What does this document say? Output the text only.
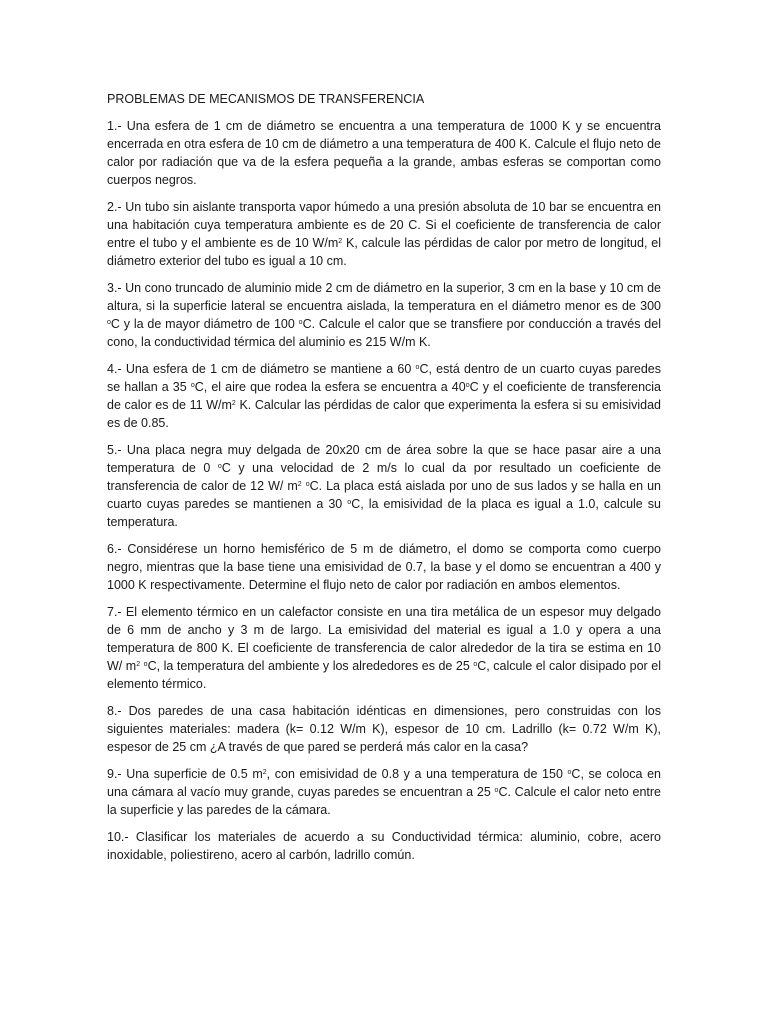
PROBLEMAS DE MECANISMOS DE TRANSFERENCIA

1.- Una esfera de 1 cm de diámetro se encuentra a una temperatura de 1000 K y se encuentra encerrada en otra esfera de 10 cm de diámetro a una temperatura de 400 K. Calcule el flujo neto de calor por radiación que va de la esfera pequeña a la grande, ambas esferas se comportan como cuerpos negros.

2.- Un tubo sin aislante transporta vapor húmedo a una presión absoluta de 10 bar se encuentra en una habitación cuya temperatura ambiente es de 20 C. Si el coeficiente de transferencia de calor entre el tubo y el ambiente es de 10 $W/m^2$ K, calcule las pérdidas de calor por metro de longitud, el diámetro exterior del tubo es igual a 10 cm.

3.- Un cono truncado de aluminio mide 2 cm de diámetro en la superior, 3 cm en la base y 10 cm de altura, si la superficie lateral se encuentra aislada, la temperatura en el diámetro menor es de 300 $^o$C y la de mayor diámetro de 100 $^o$C. Calcule el calor que se transfiere por conducción a través del cono, la conductividad térmica del aluminio es 215 W/m K.

4.- Una esfera de 1 cm de diámetro se mantiene a 60 $^o$C, está dentro de un cuarto cuyas paredes se hallan a 35 $^o$C, el aire que rodea la esfera se encuentra a 40$^o$C y el coeficiente de transferencia de calor es de 11 $W/m^2$ K. Calcular las pérdidas de calor que experimenta la esfera si su emisividad es de 0.85.

5.- Una placa negra muy delgada de 20x20 cm de área sobre la que se hace pasar aire a una temperatura de 0 $^o$C y una velocidad de 2 m/s lo cual da por resultado un coeficiente de transferencia de calor de 12 W/ $m^2$ $^o$C. La placa está aislada por uno de sus lados y se halla en un cuarto cuyas paredes se mantienen a 30 $^o$C, la emisividad de la placa es igual a 1.0, calcule su temperatura.

6.- Considérese un horno hemisférico de 5 m de diámetro, el domo se comporta como cuerpo negro, mientras que la base tiene una emisividad de 0.7, la base y el domo se encuentran a 400 y 1000 K respectivamente. Determine el flujo neto de calor por radiación en ambos elementos.

7.- El elemento térmico en un calefactor consiste en una tira metálica de un espesor muy delgado de 6 mm de ancho y 3 m de largo. La emisividad del material es igual a 1.0 y opera a una temperatura de 800 K. El coeficiente de transferencia de calor alrededor de la tira se estima en 10 W/ $m^2$ $^o$C, la temperatura del ambiente y los alrededores es de 25 $^o$C, calcule el calor disipado por el elemento térmico.

8.- Dos paredes de una casa habitación idénticas en dimensiones, pero construidas con los siguientes materiales: madera (k= 0.12 W/m K), espesor de 10 cm. Ladrillo (k= 0.72 W/m K), espesor de 25 cm ¿A través de que pared se perderá más calor en la casa?

9.- Una superficie de 0.5 $m^2$, con emisividad de 0.8 y a una temperatura de 150 $^o$C, se coloca en una cámara al vacío muy grande, cuyas paredes se encuentran a 25 $^o$C. Calcule el calor neto entre la superficie y las paredes de la cámara.

10.- Clasificar los materiales de acuerdo a su Conductividad térmica: aluminio, cobre, acero inoxidable, poliestireno, acero al carbón, ladrillo común.
